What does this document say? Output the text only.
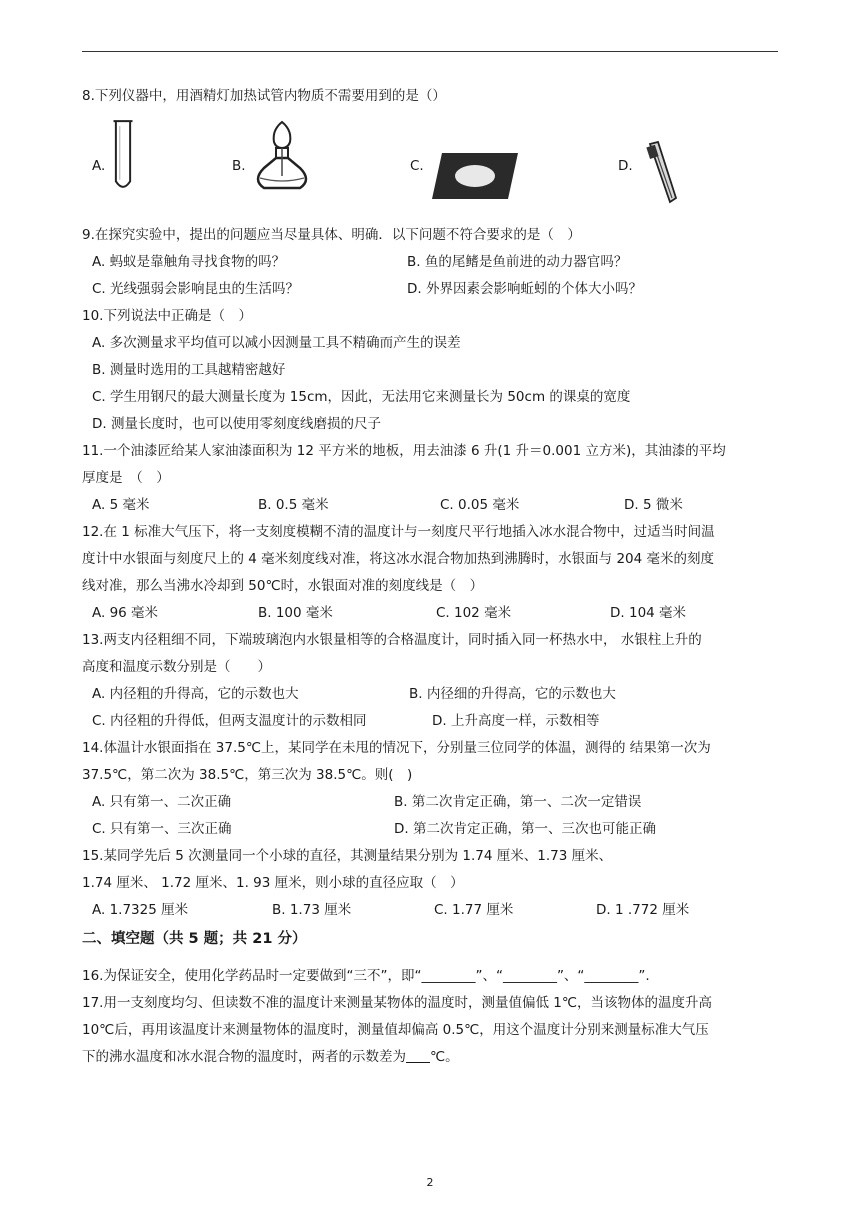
8.下列仪器中，用酒精灯加热试管内物质不需要用到的是（）
A.	B.	C.	D.
9.在探究实验中，提出的问题应当尽量具体、明确．以下问题不符合要求的是（　）
A. 蚂蚁是靠触角寻找食物的吗？	B. 鱼的尾鳍是鱼前进的动力器官吗？
C. 光线强弱会影响昆虫的生活吗？	D. 外界因素会影响蚯蚓的个体大小吗？
10.下列说法中正确是（　）
A. 多次测量求平均值可以减小因测量工具不精确而产生的误差
B. 测量时选用的工具越精密越好
C. 学生用钢尺的最大测量长度为 15cm，因此，无法用它来测量长为 50cm 的课桌的宽度
D. 测量长度时，也可以使用零刻度线磨损的尺子
11.一个油漆匠给某人家油漆面积为 12 平方米的地板，用去油漆 6 升(1 升＝0.001 立方米)，其油漆的平均
厚度是　（　）
A. 5 毫米	B. 0.5 毫米	C. 0.05 毫米	D. 5 微米
12.在 1 标准大气压下，将一支刻度模糊不清的温度计与一刻度尺平行地插入冰水混合物中，过适当时间温
度计中水银面与刻度尺上的 4 毫米刻度线对准，将这冰水混合物加热到沸腾时，水银面与 204 毫米的刻度
线对准，那么当沸水冷却到 50℃时，水银面对准的刻度线是（　）
A. 96 毫米	B. 100 毫米	C. 102 毫米	D. 104 毫米
13.两支内径粗细不同，下端玻璃泡内水银量相等的合格温度计，同时插入同一杯热水中， 水银柱上升的
高度和温度示数分别是（　　）
A. 内径粗的升得高，它的示数也大	B. 内径细的升得高，它的示数也大
C. 内径粗的升得低，但两支温度计的示数相同	D. 上升高度一样，示数相等
14.体温计水银面指在 37.5℃上，某同学在未甩的情况下，分别量三位同学的体温，测得的 结果第一次为
37.5℃，第二次为 38.5℃，第三次为 38.5℃。则(　)
A. 只有第一、二次正确	B. 第二次肯定正确，第一、二次一定错误
C. 只有第一、三次正确	D. 第二次肯定正确，第一、三次也可能正确
15.某同学先后 5 次测量同一个小球的直径，其测量结果分别为 1.74 厘米、1.73 厘米、
1.74 厘米、 1.72 厘米、1. 93 厘米，则小球的直径应取（　）
A. 1.7325 厘米	B. 1.73 厘米	C. 1.77 厘米	D. 1 .772 厘米
二、填空题（共 5 题；共 21 分）
16.为保证安全，使用化学药品时一定要做到“三不”，即“________”、“________”、“________”.
17.用一支刻度均匀、但读数不准的温度计来测量某物体的温度时，测量值偏低 1℃，当该物体的温度升高
10℃后，再用该温度计来测量物体的温度时，测量值却偏高 0.5℃，用这个温度计分别来测量标准大气压
下的沸水温度和冰水混合物的温度时，两者的示数差为 ℃。
2
